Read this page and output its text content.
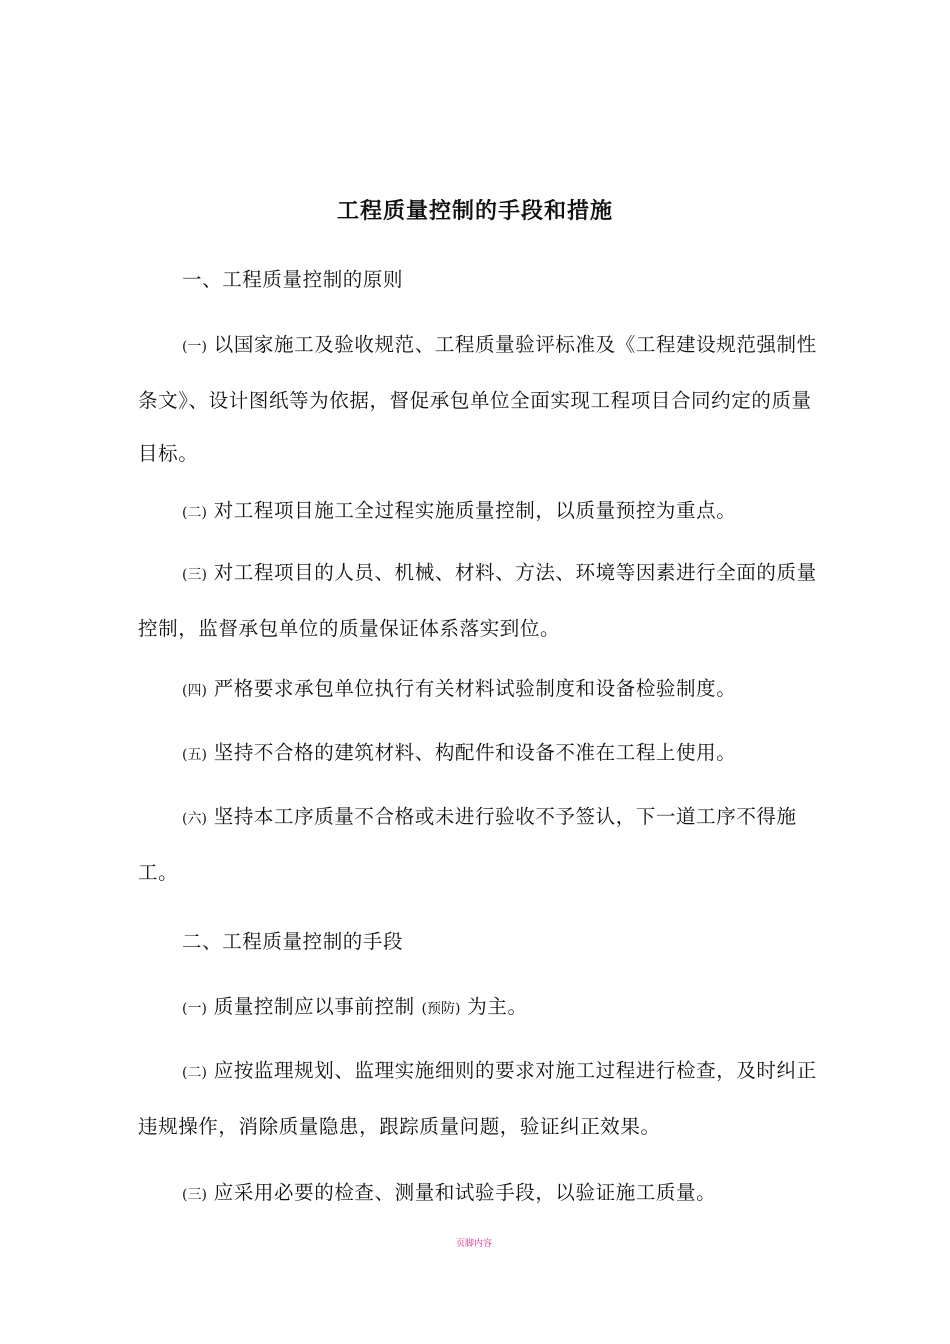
工程质量控制的手段和措施
一、工程质量控制的原则
(一) 以国家施工及验收规范、工程质量验评标准及《工程建设规范强制性条文》、设计图纸等为依据，督促承包单位全面实现工程项目合同约定的质量目标。
(二) 对工程项目施工全过程实施质量控制，以质量预控为重点。
(三) 对工程项目的人员、机械、材料、方法、环境等因素进行全面的质量控制，监督承包单位的质量保证体系落实到位。
(四) 严格要求承包单位执行有关材料试验制度和设备检验制度。
(五) 坚持不合格的建筑材料、构配件和设备不准在工程上使用。
(六) 坚持本工序质量不合格或未进行验收不予签认，下一道工序不得施工。
二、工程质量控制的手段
(一) 质量控制应以事前控制 (预防) 为主。
(二) 应按监理规划、监理实施细则的要求对施工过程进行检查，及时纠正违规操作，消除质量隐患，跟踪质量问题，验证纠正效果。
(三) 应采用必要的检查、测量和试验手段，以验证施工质量。
页脚内容
